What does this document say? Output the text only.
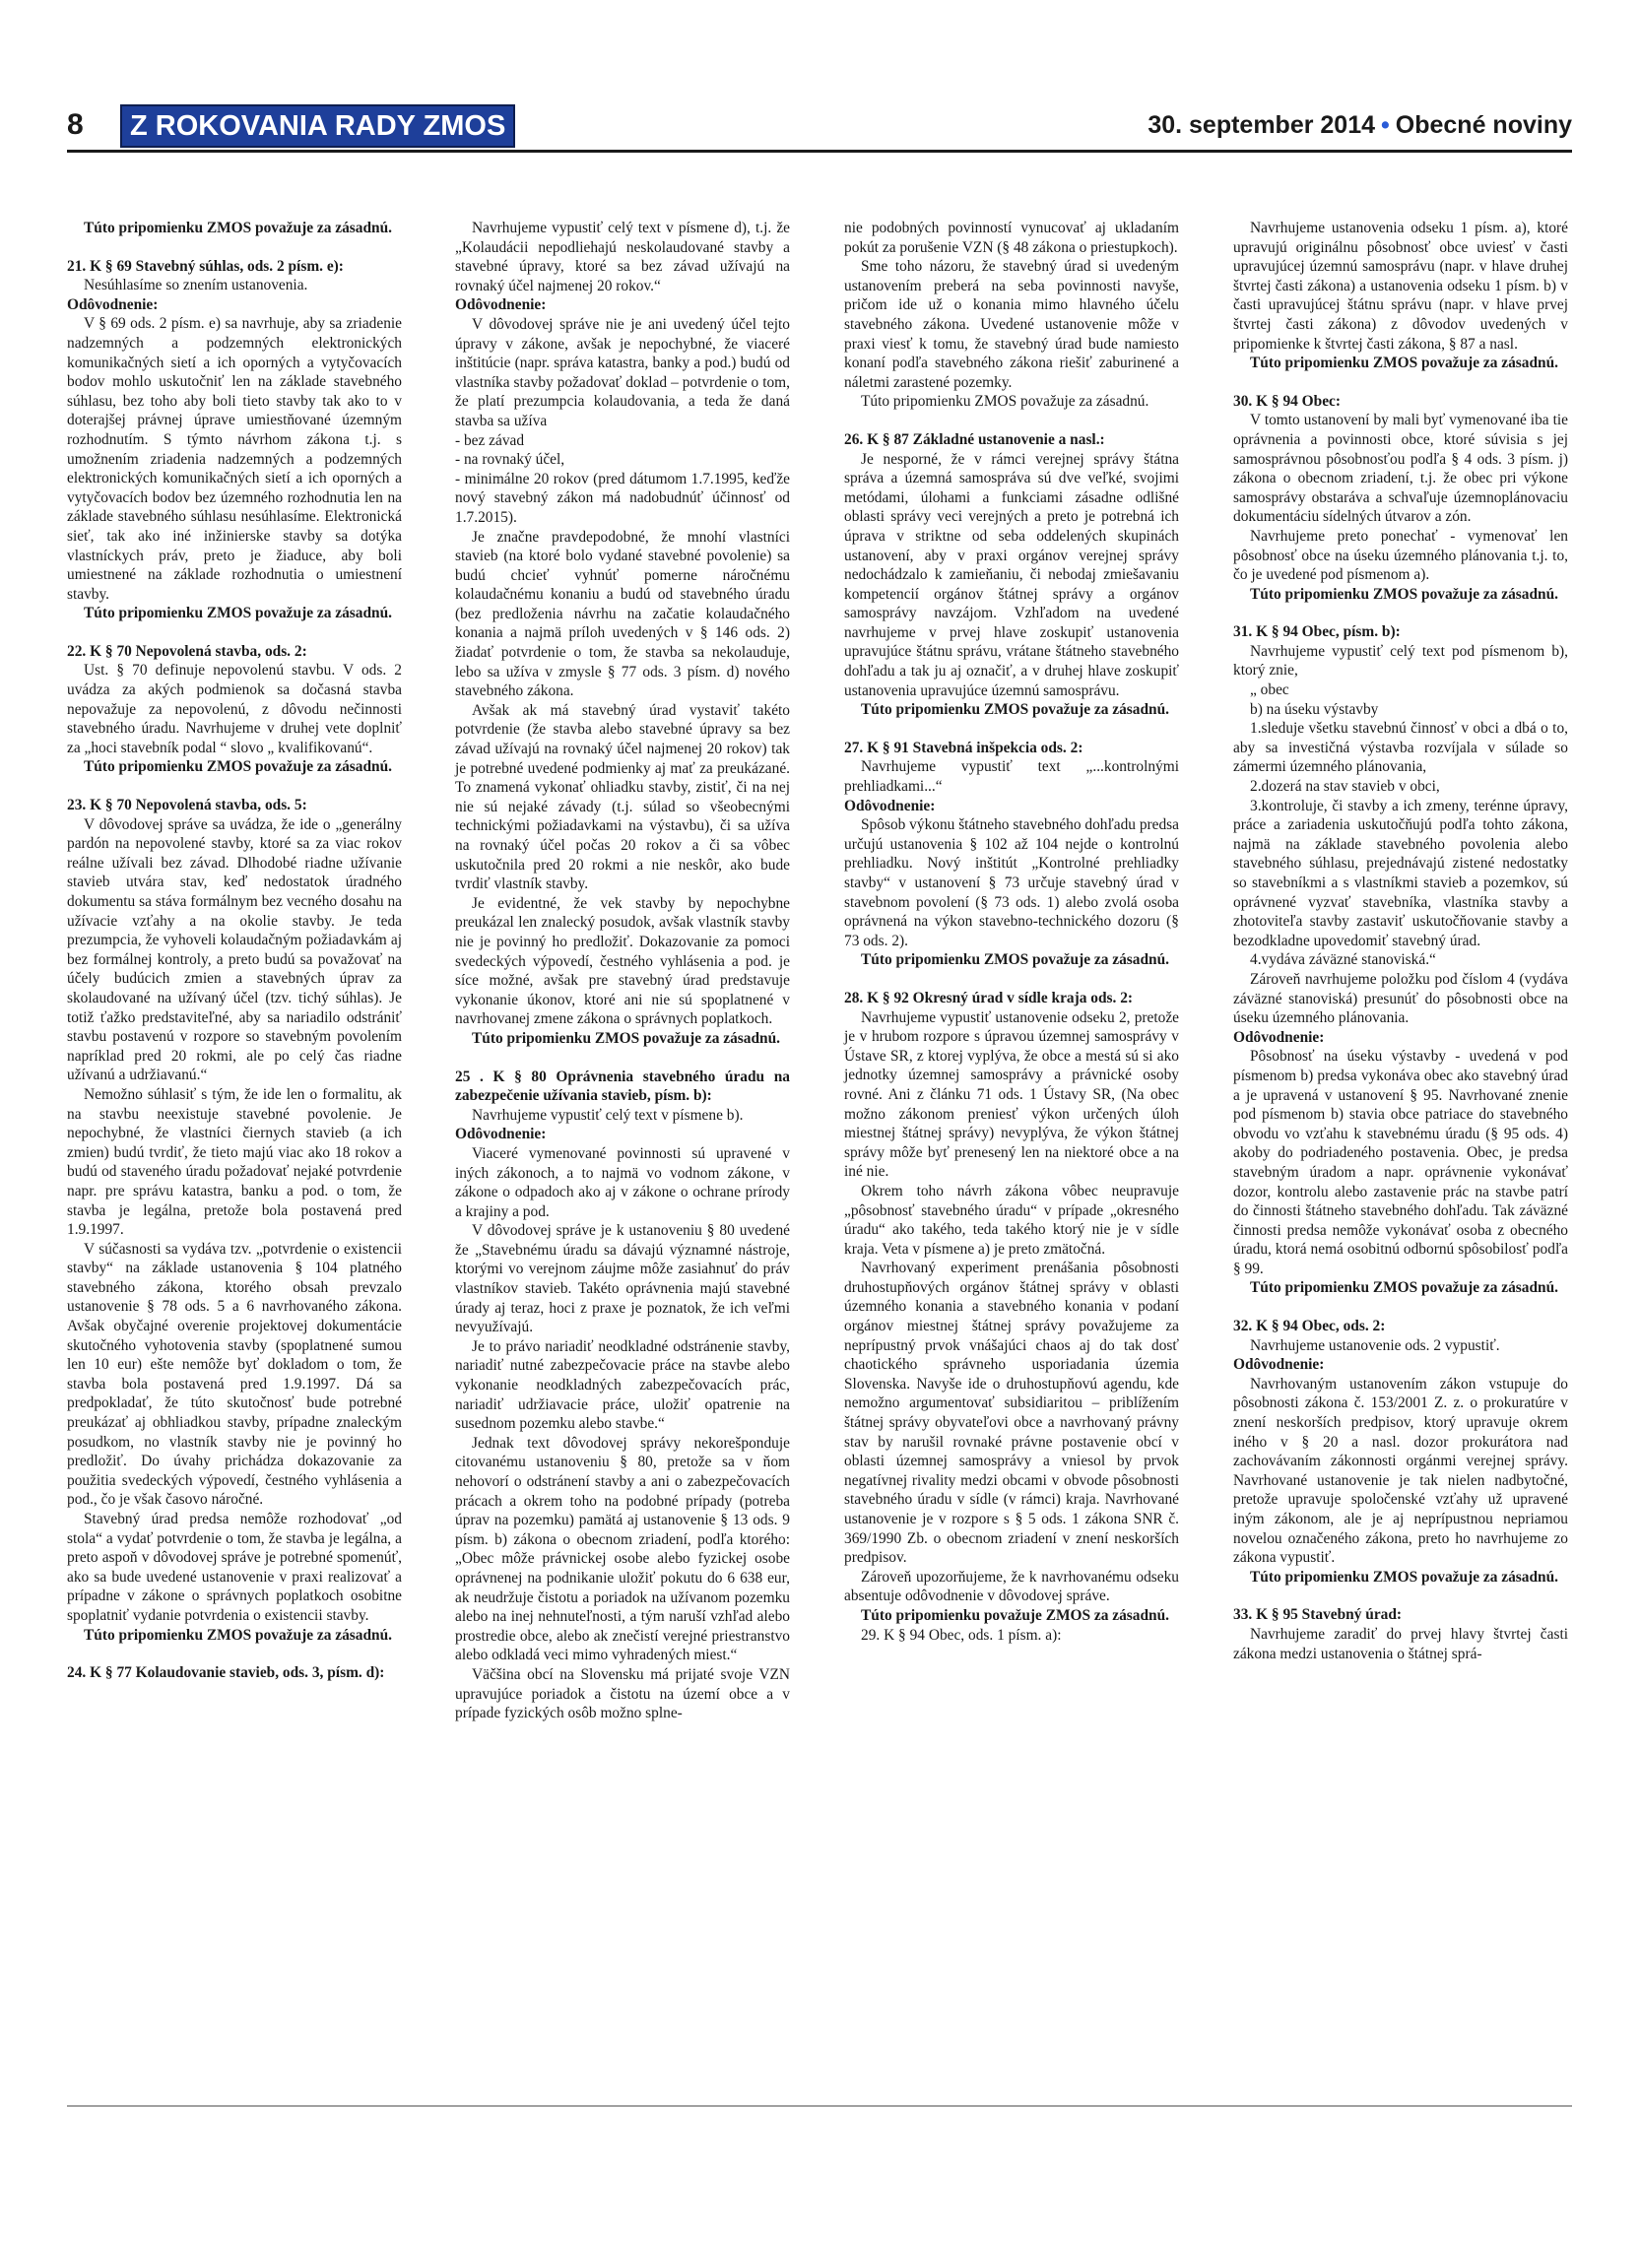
8	Z ROKOVANIA RADY ZMOS	30. september 2014 • Obecné noviny

Túto pripomienku ZMOS považuje za zásadnú.

21. K § 69 Stavebný súhlas, ods. 2 písm. e):

Nesúhlasíme so znením ustanovenia.

Odôvodnenie:

V § 69 ods. 2 písm. e) sa navrhuje, aby sa zriadenie nadzemných a podzemných elektronických komunikačných sietí a ich oporných a vytyčovacích bodov mohlo uskutočniť len na základe stavebného súhlasu, bez toho aby boli tieto stavby tak ako to v doterajšej právnej úprave umiestňované územným rozhodnutím. S týmto návrhom zákona t.j. s umožnením zriadenia nadzemných a podzemných elektronických komunikačných sietí a ich oporných a vytyčovacích bodov bez územného rozhodnutia len na základe stavebného súhlasu nesúhlasíme. Elektronická sieť, tak ako iné inžinierske stavby sa dotýka vlastníckych práv, preto je žiaduce, aby boli umiestnené na základe rozhodnutia o umiestnení stavby.

Túto pripomienku ZMOS považuje za zásadnú.

22. K § 70 Nepovolená stavba, ods. 2:

Ust. § 70 definuje nepovolenú stavbu. V ods. 2 uvádza za akých podmienok sa dočasná stavba nepovažuje za nepovolenú, z dôvodu nečinnosti stavebného úradu. Navrhujeme v druhej vete doplniť za „hoci stavebník podal “ slovo „ kvalifikovanú“.

Túto pripomienku ZMOS považuje za zásadnú.

23. K § 70 Nepovolená stavba, ods. 5:

V dôvodovej správe sa uvádza, že ide o „generálny pardón na nepovolené stavby, ktoré sa za viac rokov reálne užívali bez závad. Dlhodobé riadne užívanie stavieb utvára stav, keď nedostatok úradného dokumentu sa stáva formálnym bez vecného dosahu na užívacie vzťahy a na okolie stavby. Je teda prezumpcia, že vyhoveli kolaudačným požiadavkám aj bez formálnej kontroly, a preto budú sa považovať na účely budúcich zmien a stavebných úprav za skolaudované na užívaný účel (tzv. tichý súhlas). Je totiž ťažko predstaviteľné, aby sa nariadilo odstrániť stavbu postavenú v rozpore so stavebným povolením napríklad pred 20 rokmi, ale po celý čas riadne užívanú a udržiavanú.“

Nemožno súhlasiť s tým, že ide len o formalitu, ak na stavbu neexistuje stavebné povolenie. Je nepochybné, že vlastníci čiernych stavieb (a ich zmien) budú tvrdiť, že tieto majú viac ako 18 rokov a budú od staveného úradu požadovať nejaké potvrdenie napr. pre správu katastra, banku a pod. o tom, že stavba je legálna, pretože bola postavená pred 1.9.1997.

V súčasnosti sa vydáva tzv. „potvrdenie o existencii stavby“ na základe ustanovenia § 104 platného stavebného zákona, ktorého obsah prevzalo ustanovenie § 78 ods. 5 a 6 navrhovaného zákona. Avšak obyčajné overenie projektovej dokumentácie skutočného vyhotovenia stavby (spoplatnené sumou len 10 eur) ešte nemôže byť dokladom o tom, že stavba bola postavená pred 1.9.1997. Dá sa predpokladať, že túto skutočnosť bude potrebné preukázať aj obhliadkou stavby, prípadne znaleckým posudkom, no vlastník stavby nie je povinný ho predložiť. Do úvahy prichádza dokazovanie za použitia svedeckých výpovedí, čestného vyhlásenia a pod., čo je však časovo náročné.

Stavebný úrad predsa nemôže rozhodovať „od stola“ a vydať potvrdenie o tom, že stavba je legálna, a preto aspoň v dôvodovej správe je potrebné spomenúť, ako sa bude uvedené ustanovenie v praxi realizovať a prípadne v zákone o správnych poplatkoch osobitne spoplatniť vydanie potvrdenia o existencii stavby.

Túto pripomienku ZMOS považuje za zásadnú.

24. K § 77 Kolaudovanie stavieb, ods. 3, písm. d):

Navrhujeme vypustiť celý text v písmene d), t.j. že „Kolaudácii nepodliehajú neskolaudované stavby a stavebné úpravy, ktoré sa bez závad užívajú na rovnaký účel najmenej 20 rokov.“

Odôvodnenie:

V dôvodovej správe nie je ani uvedený účel tejto úpravy v zákone, avšak je nepochybné, že viaceré inštitúcie (napr. správa katastra, banky a pod.) budú od vlastníka stavby požadovať doklad – potvrdenie o tom, že platí prezumpcia kolaudovania, a teda že daná stavba sa užíva

- bez závad

- na rovnaký účel,

- minimálne 20 rokov (pred dátumom 1.7.1995, keďže nový stavebný zákon má nadobudnúť účinnosť od 1.7.2015).

Je značne pravdepodobné, že mnohí vlastníci stavieb (na ktoré bolo vydané stavebné povolenie) sa budú chcieť vyhnúť pomerne náročnému kolaudačnému konaniu a budú od stavebného úradu (bez predloženia návrhu na začatie kolaudačného konania a najmä príloh uvedených v § 146 ods. 2) žiadať potvrdenie o tom, že stavba sa nekolauduje, lebo sa užíva v zmysle § 77 ods. 3 písm. d) nového stavebného zákona.

Avšak ak má stavebný úrad vystaviť takéto potvrdenie (že stavba alebo stavebné úpravy sa bez závad užívajú na rovnaký účel najmenej 20 rokov) tak je potrebné uvedené podmienky aj mať za preukázané. To znamená vykonať ohliadku stavby, zistiť, či na nej nie sú nejaké závady (t.j. súlad so všeobecnými technickými požiadavkami na výstavbu), či sa užíva na rovnaký účel počas 20 rokov a či sa vôbec uskutočnila pred 20 rokmi a nie neskôr, ako bude tvrdiť vlastník stavby.

Je evidentné, že vek stavby by nepochybne preukázal len znalecký posudok, avšak vlastník stavby nie je povinný ho predložiť. Dokazovanie za pomoci svedeckých výpovedí, čestného vyhlásenia a pod. je síce možné, avšak pre stavebný úrad predstavuje vykonanie úkonov, ktoré ani nie sú spoplatnené v navrhovanej zmene zákona o správnych poplatkoch.

Túto pripomienku ZMOS považuje za zásadnú.

25 . K § 80 Oprávnenia stavebného úradu na zabezpečenie užívania stavieb, písm. b):

Navrhujeme vypustiť celý text v písmene b).

Odôvodnenie:

Viaceré vymenované povinnosti sú upravené v iných zákonoch, a to najmä vo vodnom zákone, v zákone o odpadoch ako aj v zákone o ochrane prírody a krajiny a pod.

V dôvodovej správe je k ustanoveniu § 80 uvedené že „Stavebnému úradu sa dávajú významné nástroje, ktorými vo verejnom záujme môže zasiahnuť do práv vlastníkov stavieb. Takéto oprávnenia majú stavebné úrady aj teraz, hoci z praxe je poznatok, že ich veľmi nevyužívajú.

Je to právo nariadiť neodkladné odstránenie stavby, nariadiť nutné zabezpečovacie práce na stavbe alebo vykonanie neodkladných zabezpečovacích prác, nariadiť udržiavacie práce, uložiť opatrenie na susednom pozemku alebo stavbe.“

Jednak text dôvodovej správy nekorešponduje citovanému ustanoveniu § 80, pretože sa v ňom nehovorí o odstránení stavby a ani o zabezpečovacích prácach a okrem toho na podobné prípady (potreba úprav na pozemku) pamätá aj ustanovenie § 13 ods. 9 písm. b) zákona o obecnom zriadení, podľa ktorého: „Obec môže právnickej osobe alebo fyzickej osobe oprávnenej na podnikanie uložiť pokutu do 6 638 eur, ak neudržuje čistotu a poriadok na užívanom pozemku alebo na inej nehnuteľnosti, a tým naruší vzhľad alebo prostredie obce, alebo ak znečistí verejné priestranstvo alebo odkladá veci mimo vyhradených miest.“

Väčšina obcí na Slovensku má prijaté svoje VZN upravujúce poriadok a čistotu na území obce a v prípade fyzických osôb možno splne-

nie podobných povinností vynucovať aj ukladaním pokút za porušenie VZN (§ 48 zákona o priestupkoch).

Sme toho názoru, že stavebný úrad si uvedeným ustanovením preberá na seba povinnosti navyše, pričom ide už o konania mimo hlavného účelu stavebného zákona. Uvedené ustanovenie môže v praxi viesť k tomu, že stavebný úrad bude namiesto konaní podľa stavebného zákona riešiť zaburinené a náletmi zarastené pozemky.

Túto pripomienku ZMOS považuje za zásadnú.

26. K § 87 Základné ustanovenie a nasl.:

Je nesporné, že v rámci verejnej správy štátna správa a územná samospráva sú dve veľké, svojimi metódami, úlohami a funkciami zásadne odlišné oblasti správy veci verejných a preto je potrebná ich úprava v striktne od seba oddelených skupinách ustanovení, aby v praxi orgánov verejnej správy nedochádzalo k zamieňaniu, či nebodaj zmiešavaniu kompetencií orgánov štátnej správy a orgánov samosprávy navzájom. Vzhľadom na uvedené navrhujeme v prvej hlave zoskupiť ustanovenia upravujúce štátnu správu, vrátane štátneho stavebného dohľadu a tak ju aj označiť, a v druhej hlave zoskupiť ustanovenia upravujúce územnú samosprávu.

Túto pripomienku ZMOS považuje za zásadnú.

27. K § 91 Stavebná inšpekcia ods. 2:

Navrhujeme vypustiť text „...kontrolnými prehliadkami...“

Odôvodnenie:

Spôsob výkonu štátneho stavebného dohľadu predsa určujú ustanovenia § 102 až 104 nejde o kontrolnú prehliadku. Nový inštitút „Kontrolné prehliadky stavby“ v ustanovení § 73 určuje stavebný úrad v stavebnom povolení (§ 73 ods. 1) alebo zvolá osoba oprávnená na výkon stavebno-technického dozoru (§ 73 ods. 2).

Túto pripomienku ZMOS považuje za zásadnú.

28. K § 92 Okresný úrad v sídle kraja ods. 2:

Navrhujeme vypustiť ustanovenie odseku 2, pretože je v hrubom rozpore s úpravou územnej samosprávy v Ústave SR, z ktorej vyplýva, že obce a mestá sú si ako jednotky územnej samosprávy a právnické osoby rovné. Ani z článku 71 ods. 1 Ústavy SR, (Na obec možno zákonom preniesť výkon určených úloh miestnej štátnej správy) nevyplýva, že výkon štátnej správy môže byť prenesený len na niektoré obce a na iné nie.

Okrem toho návrh zákona vôbec neupravuje „pôsobnosť stavebného úradu“ v prípade „okresného úradu“ ako takého, teda takého ktorý nie je v sídle kraja. Veta v písmene a) je preto zmätočná.

Navrhovaný experiment prenášania pôsobnosti druhostupňových orgánov štátnej správy v oblasti územného konania a stavebného konania v podaní orgánov miestnej štátnej správy považujeme za neprípustný prvok vnášajúci chaos aj do tak dosť chaotického správneho usporiadania územia Slovenska. Navyše ide o druhostupňovú agendu, kde nemožno argumentovať subsidiaritou – priblížením štátnej správy obyvateľovi obce a navrhovaný právny stav by narušil rovnaké právne postavenie obcí v oblasti územnej samosprávy a vniesol by prvok negatívnej rivality medzi obcami v obvode pôsobnosti stavebného úradu v sídle (v rámci) kraja. Navrhované ustanovenie je v rozpore s § 5 ods. 1 zákona SNR č. 369/1990 Zb. o obecnom zriadení v znení neskorších predpisov.

Zároveň upozorňujeme, že k navrhovanému odseku absentuje odôvodnenie v dôvodovej správe.

Túto pripomienku považuje ZMOS za zásadnú.

29. K § 94 Obec, ods. 1 písm. a):

Navrhujeme ustanovenia odseku 1 písm. a), ktoré upravujú originálnu pôsobnosť obce uviesť v časti upravujúcej územnú samosprávu (napr. v hlave druhej štvrtej časti zákona) a ustanovenia odseku 1 písm. b) v časti upravujúcej štátnu správu (napr. v hlave prvej štvrtej časti zákona) z dôvodov uvedených v pripomienke k štvrtej časti zákona, § 87 a nasl.

Túto pripomienku ZMOS považuje za zásadnú.

30. K § 94 Obec:

V tomto ustanovení by mali byť vymenované iba tie oprávnenia a povinnosti obce, ktoré súvisia s jej samosprávnou pôsobnosťou podľa § 4 ods. 3 písm. j) zákona o obecnom zriadení, t.j. že obec pri výkone samosprávy obstaráva a schvaľuje územnoplánovaciu dokumentáciu sídelných útvarov a zón.

Navrhujeme preto ponechať - vymenovať len pôsobnosť obce na úseku územného plánovania t.j. to, čo je uvedené pod písmenom a).

Túto pripomienku ZMOS považuje za zásadnú.

31. K § 94 Obec, písm. b):

Navrhujeme vypustiť celý text pod písmenom b), ktorý znie,

„ obec

b) na úseku výstavby

1.sleduje všetku stavebnú činnosť v obci a dbá o to, aby sa investičná výstavba rozvíjala v súlade so zámermi územného plánovania,

2.dozerá na stav stavieb v obci,

3.kontroluje, či stavby a ich zmeny, terénne úpravy, práce a zariadenia uskutočňujú podľa tohto zákona, najmä na základe stavebného povolenia alebo stavebného súhlasu, prejednávajú zistené nedostatky so stavebníkmi a s vlastníkmi stavieb a pozemkov, sú oprávnené vyzvať stavebníka, vlastníka stavby a zhotoviteľa stavby zastaviť uskutočňovanie stavby a bezodkladne upovedomiť stavebný úrad.

4.vydáva záväzné stanoviská.“

Zároveň navrhujeme položku pod číslom 4 (vydáva záväzné stanoviská) presunúť do pôsobnosti obce na úseku územného plánovania.

Odôvodnenie:

Pôsobnosť na úseku výstavby - uvedená v pod písmenom b) predsa vykonáva obec ako stavebný úrad a je upravená v ustanovení § 95. Navrhované znenie pod písmenom b) stavia obce patriace do stavebného obvodu vo vzťahu k stavebnému úradu (§ 95 ods. 4) akoby do podriadeného postavenia. Obec, je predsa stavebným úradom a napr. oprávnenie vykonávať dozor, kontrolu alebo zastavenie prác na stavbe patrí do činnosti štátneho stavebného dohľadu. Tak záväzné činnosti predsa nemôže vykonávať osoba z obecného úradu, ktorá nemá osobitnú odbornú spôsobilosť podľa § 99.

Túto pripomienku ZMOS považuje za zásadnú.

32. K § 94 Obec, ods. 2:

Navrhujeme ustanovenie ods. 2 vypustiť.

Odôvodnenie:

Navrhovaným ustanovením zákon vstupuje do pôsobnosti zákona č. 153/2001 Z. z. o prokuratúre v znení neskorších predpisov, ktorý upravuje okrem iného v § 20 a nasl. dozor prokurátora nad zachovávaním zákonnosti orgánmi verejnej správy. Navrhované ustanovenie je tak nielen nadbytočné, pretože upravuje spoločenské vzťahy už upravené iným zákonom, ale je aj neprípustnou nepriamou novelou označeného zákona, preto ho navrhujeme zo zákona vypustiť.

Túto pripomienku ZMOS považuje za zásadnú.

33. K § 95 Stavebný úrad:

Navrhujeme zaradiť do prvej hlavy štvrtej časti zákona medzi ustanovenia o štátnej sprá-
